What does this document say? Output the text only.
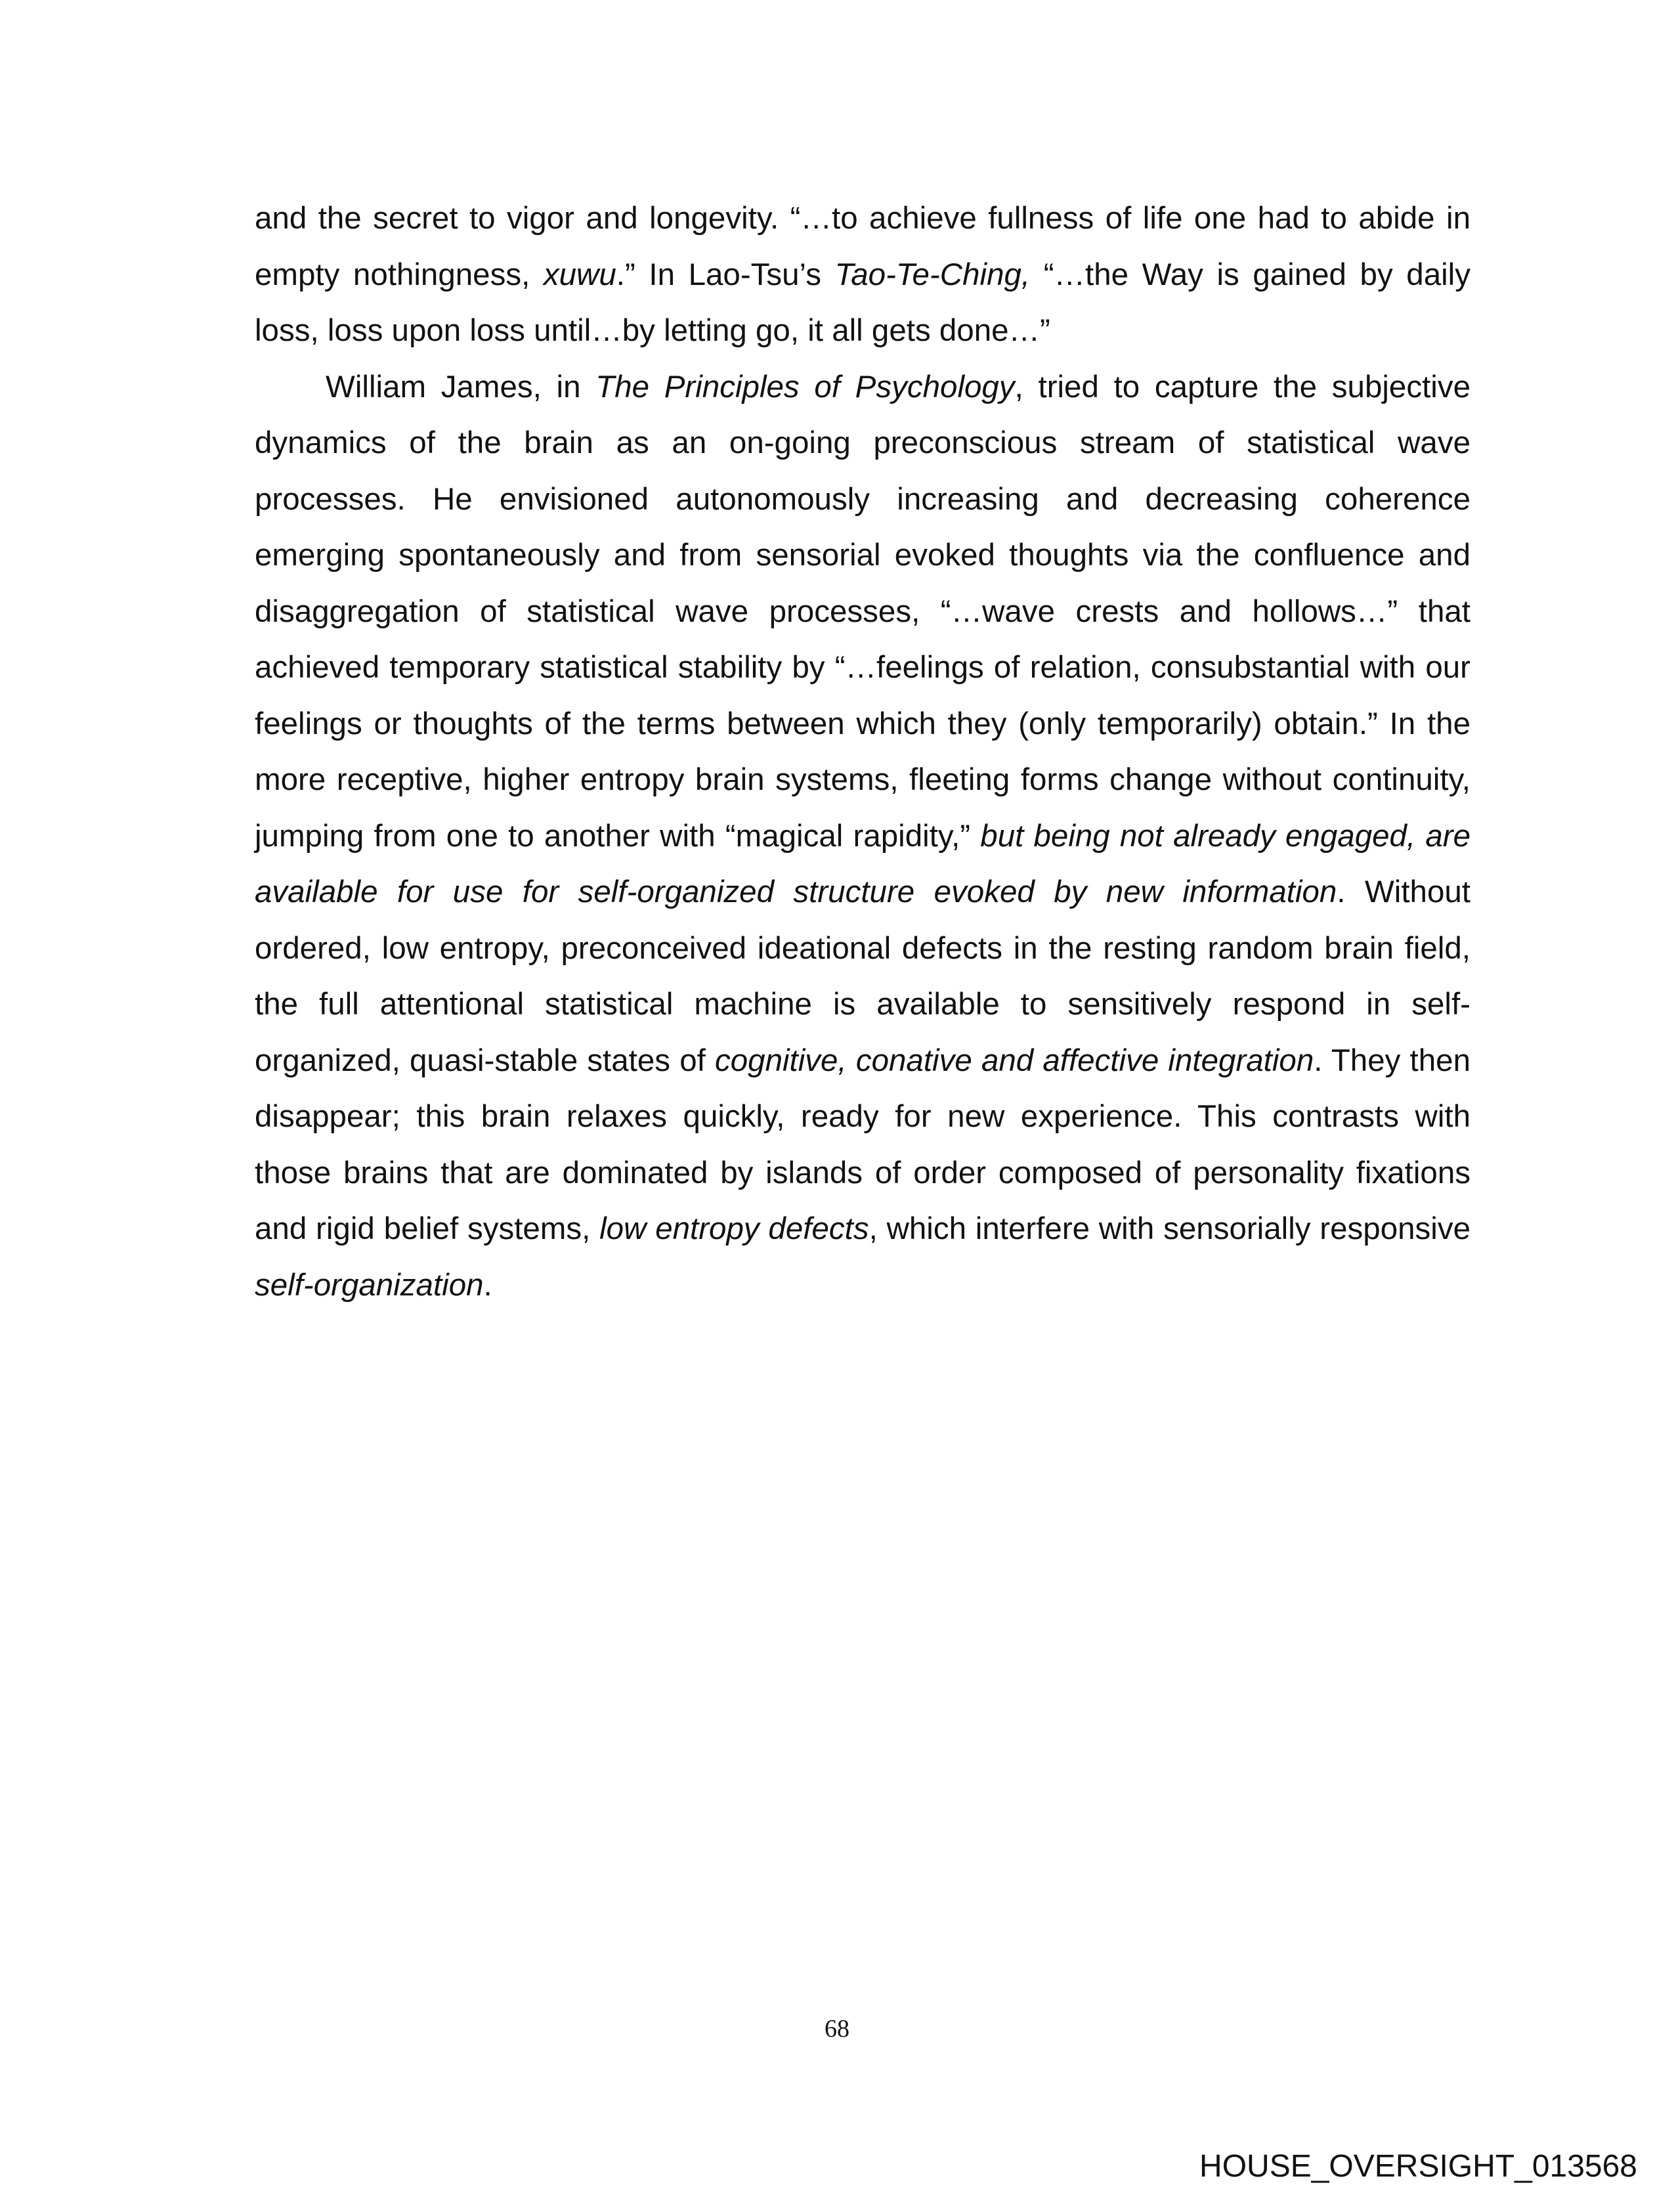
and the secret to vigor and longevity. “…to achieve fullness of life one had to abide in empty nothingness, xuwu.” In Lao-Tsu’s Tao-Te-Ching, “…the Way is gained by daily loss, loss upon loss until…by letting go, it all gets done…”

William James, in The Principles of Psychology, tried to capture the subjective dynamics of the brain as an on-going preconscious stream of statistical wave processes. He envisioned autonomously increasing and decreasing coherence emerging spontaneously and from sensorial evoked thoughts via the confluence and disaggregation of statistical wave processes, “…wave crests and hollows…” that achieved temporary statistical stability by “…feelings of relation, consubstantial with our feelings or thoughts of the terms between which they (only temporarily) obtain.” In the more receptive, higher entropy brain systems, fleeting forms change without continuity, jumping from one to another with “magical rapidity,” but being not already engaged, are available for use for self-organized structure evoked by new information. Without ordered, low entropy, preconceived ideational defects in the resting random brain field, the full attentional statistical machine is available to sensitively respond in self-organized, quasi-stable states of cognitive, conative and affective integration. They then disappear; this brain relaxes quickly, ready for new experience. This contrasts with those brains that are dominated by islands of order composed of personality fixations and rigid belief systems, low entropy defects, which interfere with sensorially responsive self-organization.

68
HOUSE_OVERSIGHT_013568
